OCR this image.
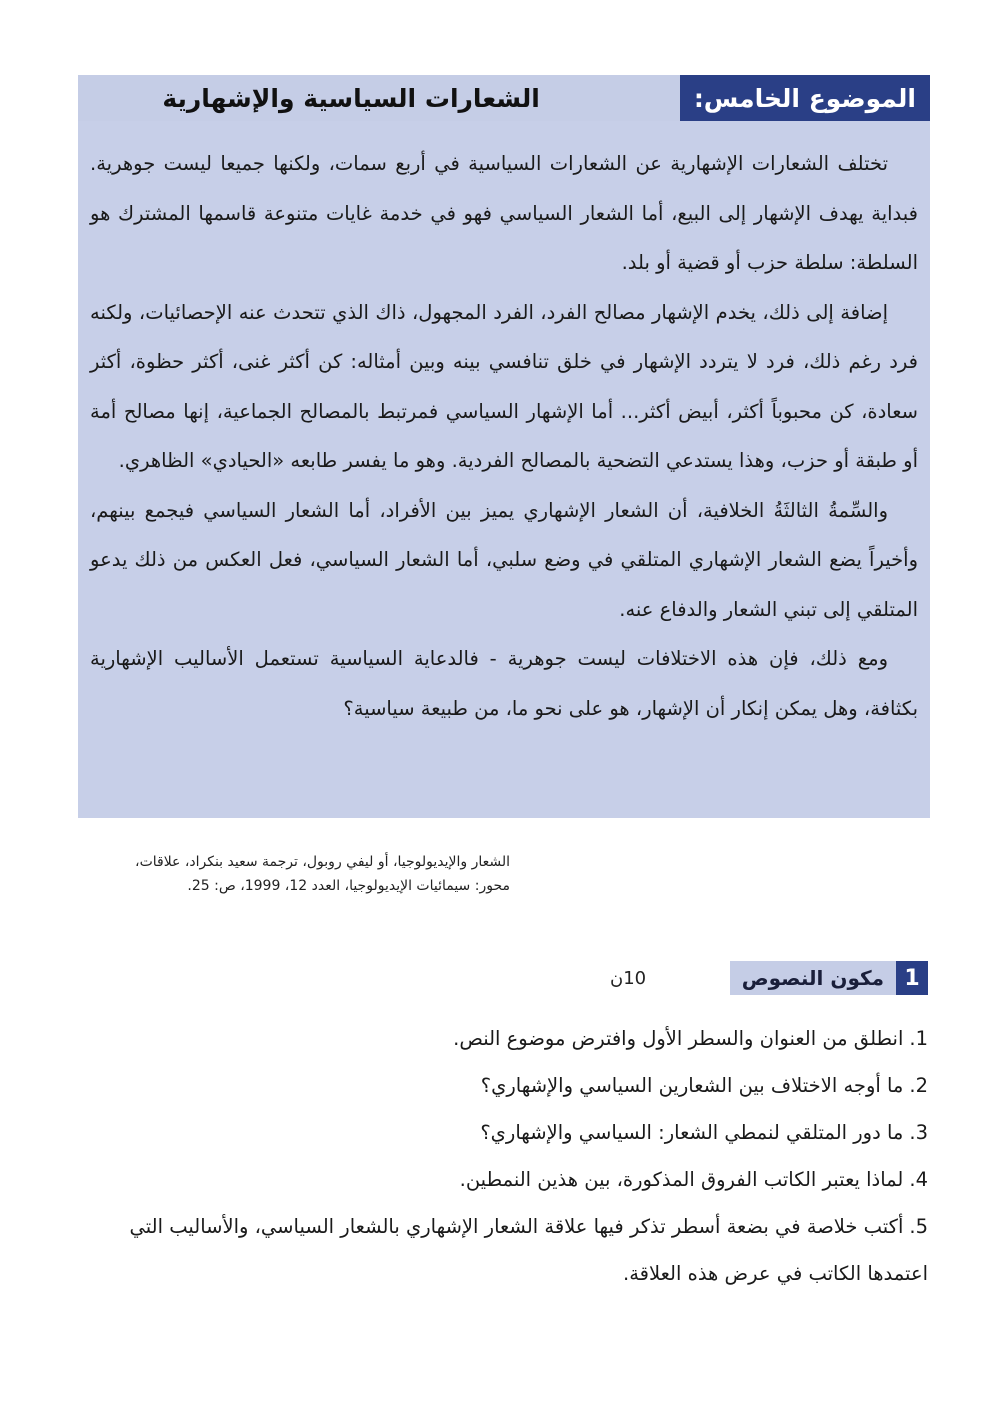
الموضوع الخامس:
الشعارات السياسية والإشهارية

تختلف الشعارات الإشهارية عن الشعارات السياسية في أربع سمات، ولكنها جميعا ليست جوهرية. فبداية يهدف الإشهار إلى البيع، أما الشعار السياسي فهو في خدمة غايات متنوعة قاسمها المشترك هو السلطة: سلطة حزب أو قضية أو بلد.

إضافة إلى ذلك، يخدم الإشهار مصالح الفرد، الفرد المجهول، ذاك الذي تتحدث عنه الإحصائيات، ولكنه فرد رغم ذلك، فرد لا يتردد الإشهار في خلق تنافسي بينه وبين أمثاله: كن أكثر غنى، أكثر حظوة، أكثر سعادة، كن محبوباً أكثر، أبيض أكثر... أما الإشهار السياسي فمرتبط بالمصالح الجماعية، إنها مصالح أمة أو طبقة أو حزب، وهذا يستدعي التضحية بالمصالح الفردية. وهو ما يفسر طابعه «الحيادي» الظاهري.

والسِّمةُ الثالثَةُ الخلافية، أن الشعار الإشهاري يميز بين الأفراد، أما الشعار السياسي فيجمع بينهم، وأخيراً يضع الشعار الإشهاري المتلقي في وضع سلبي، أما الشعار السياسي، فعل العكس من ذلك يدعو المتلقي إلى تبني الشعار والدفاع عنه.

ومع ذلك، فإن هذه الاختلافات ليست جوهرية - فالدعاية السياسية تستعمل الأساليب الإشهارية بكثافة، وهل يمكن إنكار أن الإشهار، هو على نحو ما، من طبيعة سياسية؟

الشعار والإيديولوجيا، أو ليفي روبول، ترجمة سعيد بنكراد، علاقات،
محور: سيمائيات الإيديولوجيا، العدد 12، 1999، ص: 25.
1
مكون النصوص
10ن
1.انطلق من العنوان والسطر الأول وافترض موضوع النص.
2.ما أوجه الاختلاف بين الشعارين السياسي والإشهاري؟
3.ما دور المتلقي لنمطي الشعار: السياسي والإشهاري؟
4.لماذا يعتبر الكاتب الفروق المذكورة، بين هذين النمطين.
5.أكتب خلاصة في بضعة أسطر تذكر فيها علاقة الشعار الإشهاري بالشعار السياسي، والأساليب التي اعتمدها الكاتب في عرض هذه العلاقة.
